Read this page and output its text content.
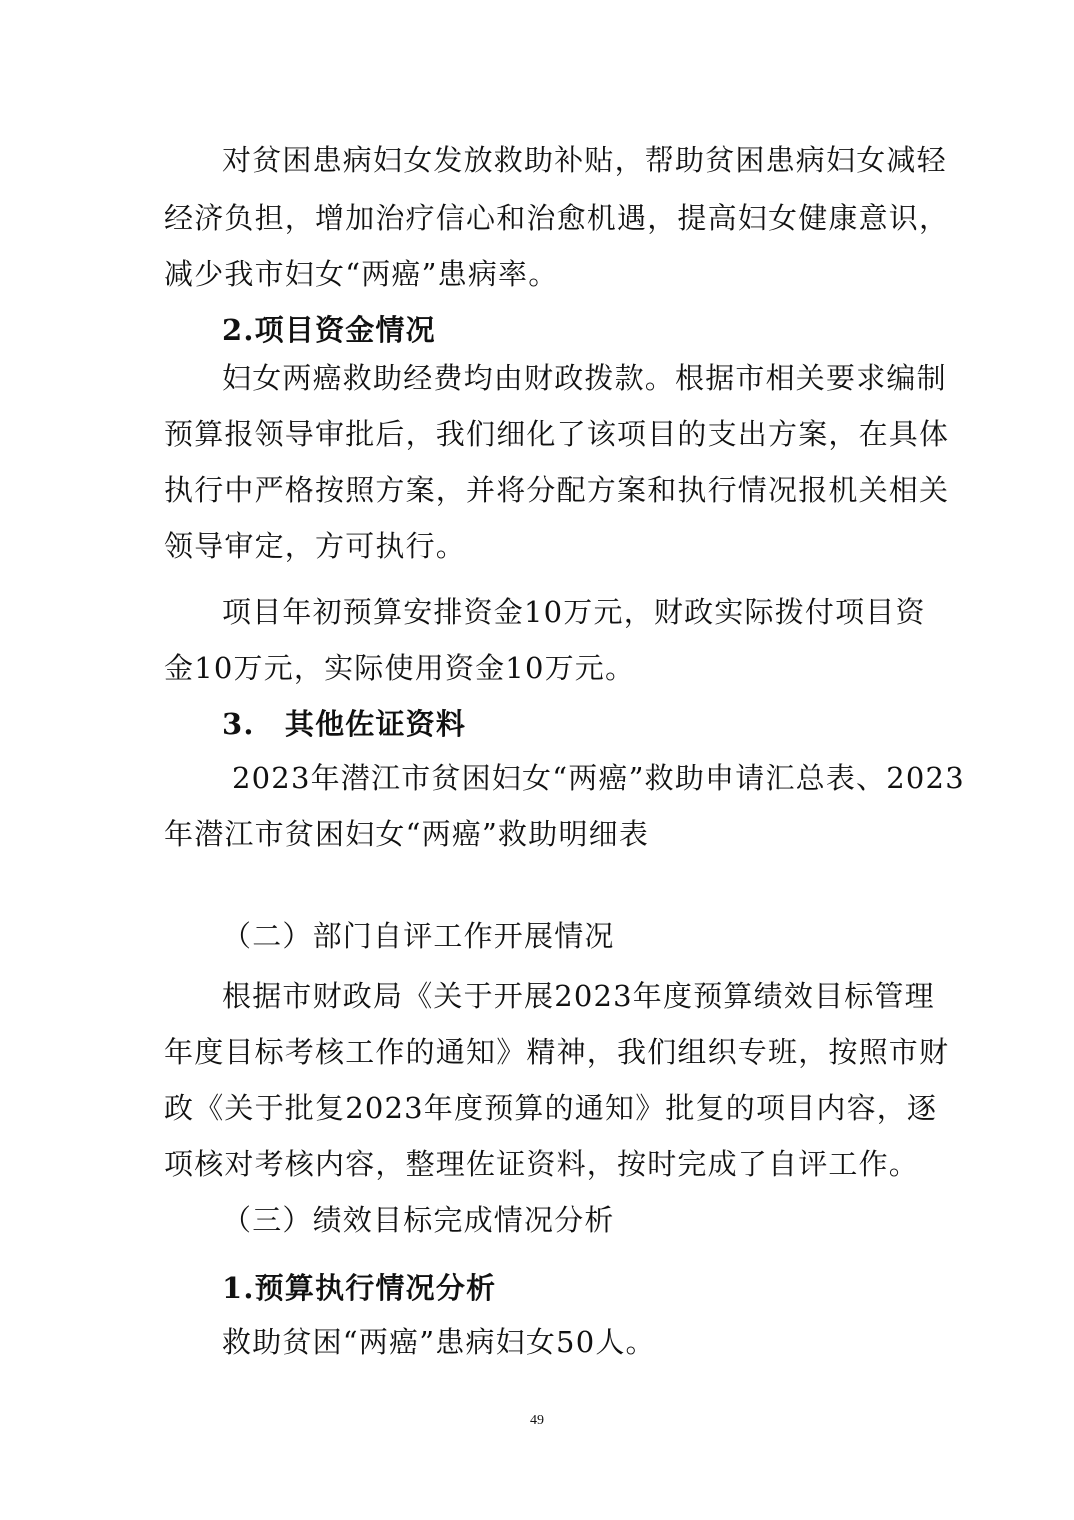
对贫困患病妇女发放救助补贴，帮助贫困患病妇女减轻
经济负担，增加治疗信心和治愈机遇，提高妇女健康意识，
减少我市妇女“两癌”患病率。
2.项目资金情况
妇女两癌救助经费均由财政拨款。根据市相关要求编制
预算报领导审批后，我们细化了该项目的支出方案，在具体
执行中严格按照方案，并将分配方案和执行情况报机关相关
领导审定，方可执行。
项目年初预算安排资金10万元，财政实际拨付项目资
金10万元，实际使用资金10万元。
3.　其他佐证资料
2023年潜江市贫困妇女“两癌”救助申请汇总表、2023
年潜江市贫困妇女“两癌”救助明细表
（二）部门自评工作开展情况
根据市财政局《关于开展2023年度预算绩效目标管理
年度目标考核工作的通知》精神，我们组织专班，按照市财
政《关于批复2023年度预算的通知》批复的项目内容，逐
项核对考核内容，整理佐证资料，按时完成了自评工作。
（三）绩效目标完成情况分析
1.预算执行情况分析
救助贫困“两癌”患病妇女50人。
49
